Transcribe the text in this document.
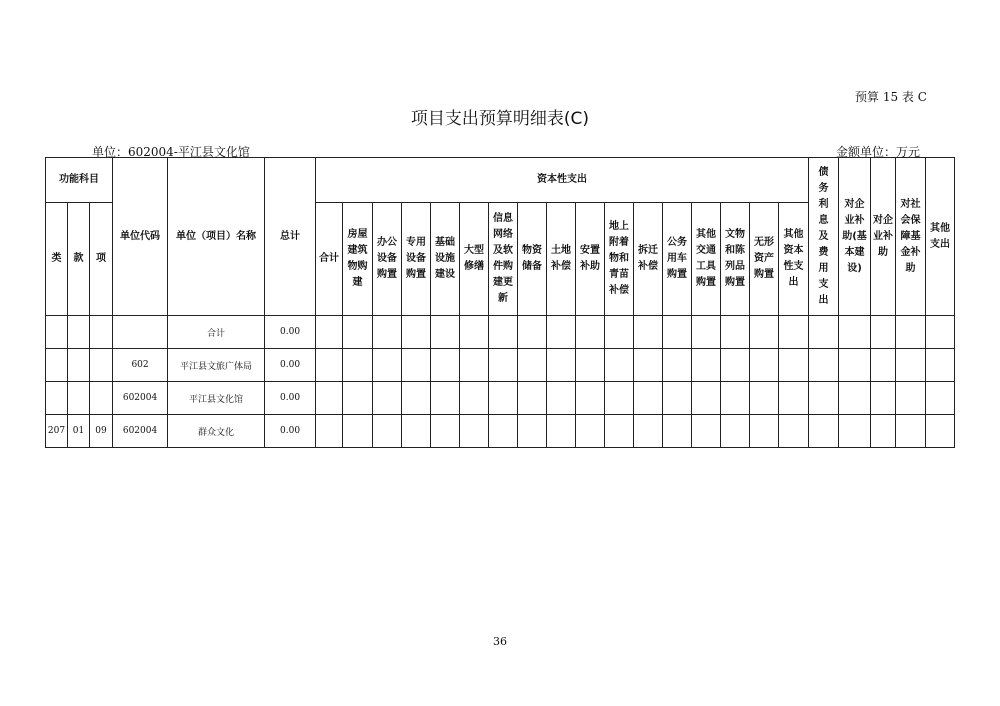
预算 15 表 C
项目支出预算明细表(C)
单位：602004-平江县文化馆	金额单位：万元
功能科目			单位代码	单位（项目）名称	总计	资本性支出																	债务利息及费用支出	对企业补助(基本建设)	对企业补助	对社会保障基金补助	其他支出

类	款	项				合计	房屋建筑物购建	办公设备购置	专用设备购置	基础设施建设	大型修缮	信息网络及软件购建更新	物资储备	土地补偿	安置补助	地上附着物和青苗补偿	拆迁补偿	公务用车购置	其他交通工具购置	文物和陈列品购置	无形资产购置	其他资本性支出					

				合计	0.00																						
			602	平江县文旅广体局	0.00																						
			602004	平江县文化馆	0.00																						
207	01	09	602004	群众文化	0.00																						
36
